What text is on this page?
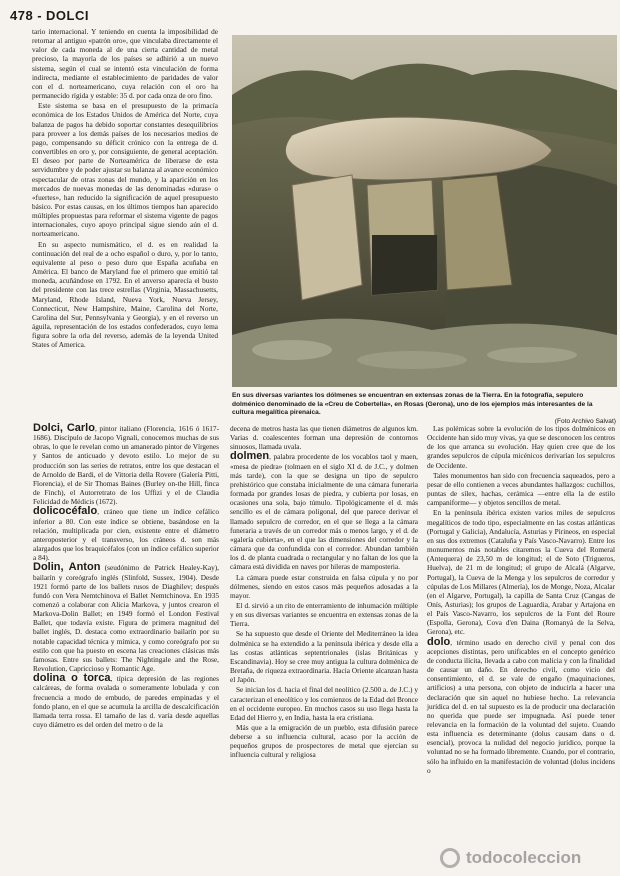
478 - DOLCI

tario internacional. Y teniendo en cuenta la imposibilidad de retornar al antiguo «patrón oro», que vinculaba directamente el valor de cada moneda al de una cierta cantidad de metal precioso, la mayoría de los países se adhirió a un nuevo sistema, según el cual se intentó esta vinculación de forma indirecta, mediante el establecimiento de paridades de valor con el d. norteamericano, cuya relación con el oro ha permanecido rígida y estable: 35 d. por cada onza de oro fino.

Este sistema se basa en el presupuesto de la primacía económica de los Estados Unidos de América del Norte, cuya balanza de pagos ha debido soportar constantes desequilibrios para proveer a los demás países de los necesarios medios de pago, compensando su déficit crónico con la entrega de d. convertibles en oro y, por consiguiente, de general aceptación. El deseo por parte de Norteamérica de liberarse de esta servidumbre y de poder ajustar su balanza al avance económico espectacular de otras zonas del mundo, y la aparición en los mercados de nuevas monedas de las denominadas «duras» o «fuertes», han reducido la significación de aquel presupuesto básico. Por estas causas, en los últimos tiempos han aparecido múltiples propuestas para reformar el sistema vigente de pagos internacionales, cuyo apoyo principal sigue siendo aún el d. norteamericano.

En su aspecto numismático, el d. es en realidad la continuación del real de a ocho español o duro, y, por lo tanto, equivalente al peso o peso duro que España acuñaba en América. El banco de Maryland fue el primero que emitió tal moneda, acuñándose en 1792. En el anverso aparecía el busto del presidente con las trece estrellas (Virginia, Massachusetts, Maryland, Rhode Island, Nueva York, Nueva Jersey, Connecticut, New Hampshire, Maine, Carolina del Norte, Carolina del Sur, Pennsylvania y Georgia), y en el reverso un águila, representación de los estados confederados, cuyo lema figura sobre la orla del reverso, además de la leyenda United States of America.

En sus diversas variantes los dólmenes se encuentran en extensas zonas de la Tierra. En la fotografía, sepulcro dolménico denominado de la «Creu de Cobertella», en Rosas (Gerona), uno de los ejemplos más interesantes de la cultura megalítica pirenaica.
(Foto Archivo Salvat)

Dolci, Carlo, pintor italiano (Florencia, 1616 ó 1617-1686). Discípulo de Jacopo Vignali, conocemos muchas de sus obras, lo que le revelan como un amanerado pintor de Vírgenes y Santos de anticuado y devoto estilo. Lo mejor de su producción son las series de retratos, entre los que destacan el de Arnoldo de Bardi, el de Vittoria della Rovere (Galería Pitti, Florencia), el de Sir Thomas Baines (Burley on-the Hill, finca de Finch), el Autorretrato de los Uffizi y el de Claudia Felicidad de Médicis (1672).

dolicocéfalo, cráneo que tiene un índice cefálico inferior a 80. Con este índice se obtiene, basándose en la relación, multiplicada por cien, existente entre el diámetro anteroposterior y el transverso, los cráneos d. son más alargados que los braquicéfalos (con un índice cefálico superior a 84).

Dolin, Anton (seudónimo de Patrick Healey-Kay), bailarín y coreógrafo inglés (Slinfold, Sussex, 1904). Desde 1921 formó parte de los ballets rusos de Diaghilev; después fundó con Vera Nemtchinova el Ballet Nemtchinova. En 1935 comenzó a colaborar con Alicia Markova, y juntos crearon el Markova-Dolin Ballet; en 1949 formó el London Festival Ballet, que todavía existe. Figura de primera magnitud del ballet inglés, D. destaca como extraordinario bailarín por su notable capacidad técnica y mímica, y como coreógrafo por su estilo con que ha puesto en escena las creaciones clásicas más famosas. Entre sus ballets: The Nightingale and the Rose, Revolution, Capriccioso y Romantic Age.

dolina o torca, típica depresión de las regiones calcáreas, de forma ovalada o someramente lobulada y con frecuencia a modo de embudo, de paredes empinadas y el fondo plano, en el que se acumula la arcilla de descalcificación llamada terra rossa. El tamaño de las d. varía desde aquellas cuyo diámetro es del orden del metro o de la

decena de metros hasta las que tienen diámetros de algunos km. Varias d. coalescentes forman una depresión de contornos sinuosos, llamada uvala.

dolmen, palabra procedente de los vocablos taol y maen, «mesa de piedra» (tolmaen en el siglo XI d. de J.C., y dolmen más tarde), con la que se designa un tipo de sepulcro prehistórico que constaba inicialmente de una cámara funeraria formada por grandes losas de piedra, y cubierta por losas, en ocasiones una sola, bajo túmulo. Tipológicamente el d. más sencillo es el de cámara poligonal, del que parece derivar el llamado sepulcro de corredor, en el que se llega a la cámara funeraria a través de un corredor más o menos largo, y el d. de «galería cubierta», en el que las dimensiones del corredor y la cámara que da confundida con el corredor. Abundan también los d. de planta cuadrada o rectangular y no faltan de los que la cámara está dividida en naves por hileras de mamposteria.

La cámara puede estar construida en falsa cúpula y no por dólmenes, siendo en estos casos más pequeños adosadas a la mayor.

El d. sirvió a un rito de enterramiento de inhumación múltiple y en sus diversas variantes se encuentra en extensas zonas de la Tierra.

Se ha supuesto que desde el Oriente del Mediterráneo la idea dolménica se ha extendido a la península ibérica y desde ella a las costas atlánticas septentrionales (islas Británicas y Escandinavia). Hoy se cree muy antigua la cultura dolménica de Bretaña, de riqueza extraordinaria. Hacia Oriente alcanzan hasta el Japón.

Se inician los d. hacia el final del neolítico (2.500 a. de J.C.) y caracterizan el eneolítico y los comienzos de la Edad del Bronce en el occidente europeo. En muchos casos su uso llega hasta la Edad del Hierro y, en India, hasta la era cristiana.

Más que a la emigración de un pueblo, esta difusión parece deberse a su influencia cultural, acaso por la acción de pequeños grupos de prospectores de metal que ejercían su influencia cultural y religiosa

Las polémicas sobre la evolución de los tipos dolménicos en Occidente han sido muy vivas, ya que se desconocen los centros de los que arranca su evolución. Hay quien cree que de los grandes sepulcros de cúpula micénicos derivarían los sepulcros de Occidente.

Tales monumentos han sido con frecuencia saqueados, pero a pesar de ello contienen a veces abundantes hallazgos: cuchillos, puntas de sílex, hachas, cerámica —entre ella la de estilo campaniforme— y objetos sencillos de metal.

En la península ibérica existen varios miles de sepulcros megalíticos de todo tipo, especialmente en las costas atlánticas (Portugal y Galicia), Andalucía, Asturias y Pirineos, en especial en sus dos extremos (Cataluña y País Vasco-Navarro). Entre los monumentos más notables citaremos la Cueva del Romeral (Antequera) de 23,50 m de longitud; el de Soto (Trigueros, Huelva), de 21 m de longitud; el grupo de Alcalá (Algarve, Portugal), la Cueva de la Menga y los sepulcros de corredor y cúpulas de Los Millares (Almería), los de Monge, Noza, Alcalar (en el Algarve, Portugal), la capilla de Santa Cruz (Cangas de Onís, Asturias); los grupos de Laguardia, Arabar y Artajona en el País Vasco-Navarro, los sepulcros de la Font del Roure (Espolla, Gerona), Cova d'en Daina (Romanyà de la Selva, Gerona), etc.

dolo, término usado en derecho civil y penal con dos acepciones distintas, pero unificables en el concepto genérico de conducta ilícita, llevada a cabo con malicia y con la finalidad de causar un daño. En derecho civil, como vicio del consentimiento, el d. se vale de engaño (maquinaciones, artificios) a una persona, con objeto de inducirla a hacer una declaración que sin aquel no hubiese hecho. La relevancia jurídica del d. en tal supuesto es la de producir una declaración no querida que puede ser impugnada. Así puede tener relevancia en la formación de la voluntad del sujeto. Cuando esta influencia es determinante (dolus causam dans o d. esencial), provoca la nulidad del negocio jurídico, porque la voluntad no se ha formado libremente. Cuando, por el contrario, sólo ha influido en la manifestación de voluntad (dolus incidens o

todocoleccion
